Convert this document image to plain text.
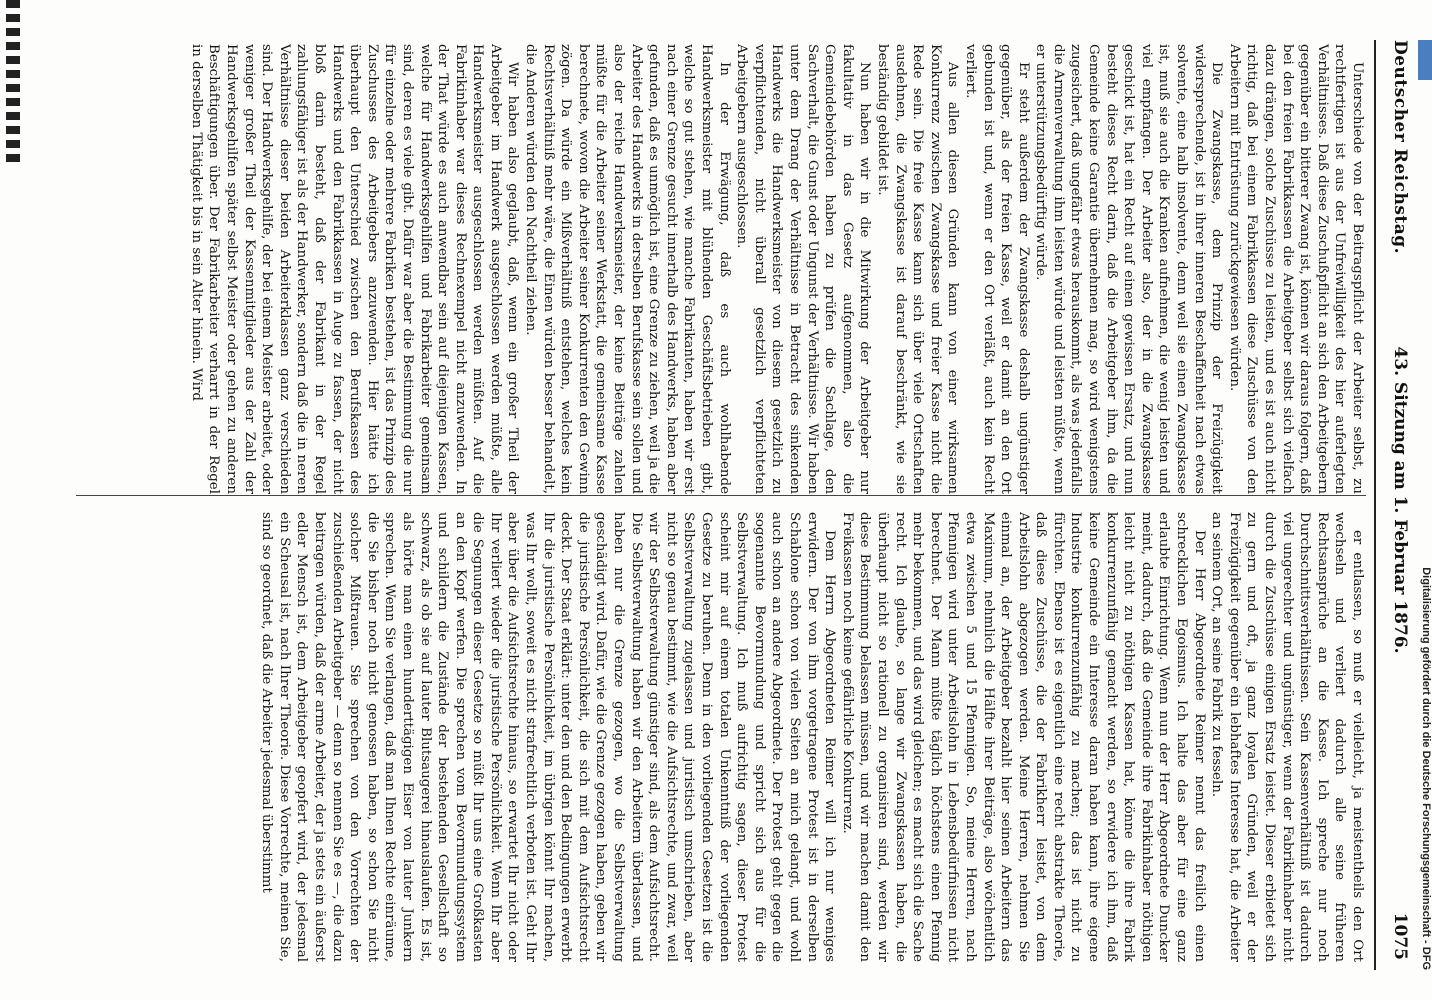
Deutscher Reichstag.
43. Sitzung am 1. Februar 1876.
1075

Unterschiede von der Beitragspflicht der Arbeiter selbst, zu rechtfertigen ist aus der Unfreiwilligkeit des hier auferlegten Verhältnisses. Daß diese Zuschußpflicht an sich den Arbeitgebern gegenüber ein bitterer Zwang ist, können wir daraus folgern, daß bei den freien Fabrikkassen die Arbeitgeber selbst sich vielfach dazu drängen, solche Zuschüsse zu leisten, und es ist auch nicht richtig, daß bei einem Fabrikkassen diese Zuschüsse von den Arbeitern mit Entrüstung zurückgewiesen würden.

Die Zwangskasse, dem Prinzip der Freizügigkeit widersprechende, ist in ihrer inneren Beschaffenheit nach etwas solvente, eine halb insolvente, denn weil sie einen Zwangskasse ist, muß sie auch die Kranken aufnehmen, die wenig leisten und viel empfangen. Der Arbeiter also, der in die Zwangskasse geschickt ist, hat ein Recht auf einen gewissen Ersatz, und nun besteht dieses Recht darin, daß die Arbeitgeber ihm, da die Gemeinde keine Garantie übernehmen mag, so wird wenigstens zugesichert, daß ungefähr etwas herauskommt, als was jedenfalls die Armenverwaltung ihm leisten würde und leisten müßte, wenn er unterstützungsbedürftig würde.

Er steht außerdem der Zwangskasse deshalb ungünstiger gegenüber, als der freien Kasse, weil er damit an den Ort gebunden ist und, wenn er den Ort verläßt, auch kein Recht verliert.

Aus allen diesen Gründen kann von einer wirksamen Konkurrenz zwischen Zwangskasse und freier Kasse nicht die Rede sein. Die freie Kasse kann sich über viele Ortschaften ausdehnen, die Zwangskasse ist darauf beschränkt, wie sie beständig gebildet ist.

Nun haben wir in die Mitwirkung der Arbeitgeber nur fakultativ in das Gesetz aufgenommen, also die Gemeindebehörden haben zu prüfen die Sachlage, den Sachverhalt, die Gunst oder Ungunst der Verhältnisse. Wir haben unter dem Drang der Verhältnisse in Betracht des sinkenden Handwerks die Handwerksmeister von diesem gesetzlich zu verpflichtenden, nicht überall gesetzlich verpflichteten Arbeitgebern ausgeschlossen.

In der Erwägung, daß es auch wohlhabende Handwerksmeister mit blühenden Geschäftsbetrieben gibt, welche so gut stehen, wie manche Fabrikanten, haben wir erst nach einer Grenze gesucht innerhalb des Handwerks, haben aber gefunden, daß es unmöglich ist, eine Grenze zu ziehen, weil ja die Arbeiter des Handwerks in derselben Berufskasse sein sollen und also der reiche Handwerksmeister, der keine Beiträge zahlen müßte für die Arbeiter seiner Werkstatt, die gemeinsame Kasse berechnete, wovon die Arbeiter seiner Konkurrenten den Gewinn zögen. Da würde ein Mißverhältniß entstehen, welches kein Rechtsverhältniß mehr wäre, die Einen würden besser behandelt, die Anderen würden den Nachtheil ziehen.

Wir haben also geglaubt, daß, wenn ein großer Theil der Arbeitgeber im Handwerk ausgeschlossen werden müßte, alle Handwerksmeister ausgeschlossen werden müßten. Auf die Fabrikinhaber war dieses Rechnexempel nicht anzuwenden. In der That würde es auch anwendbar sein auf diejenigen Kassen, welche für Handwerksgehilfen und Fabrikarbeiter gemeinsam sind, deren es viele gibt. Dafür war aber die Bestimmung die nur für einzelne oder mehrere Fabriken bestehen, ist das Prinzip des Zuschusses des Arbeitgebers anzuwenden. Hier hätte ich überhaupt den Unterschied zwischen den Berufskassen des Handwerks und den Fabrikkassen in Auge zu fassen, der nicht bloß darin besteht, daß der Fabrikant in der Regel zahlungsfähiger ist als der Handwerker, sondern daß die in neren Verhältnisse dieser beiden Arbeiterklassen ganz verschieden sind. Der Handwerksgehilfe, der bei einem Meister arbeitet, oder weniger großer Theil der Kassenmitglieder aus der Zahl der Handwerksgehilfen später selbst Meister oder gehen zu anderen Beschäftigungen über. Der Fabrikarbeiter verharrt in der Regel in derselben Thätigkeit bis in sein Alter hinein. Wird

er entlassen, so muß er vielleicht, ja meistentheils den Ort wechseln und verliert dadurch alle seine früheren Rechtsansprüche an die Kasse. Ich spreche nur noch Durchschnittsverhältnissen. Sein Kassenverhältniß ist dadurch viel ungerechter und ungünstiger, wenn der Fabrikinhaber nicht durch die Zuschüsse einigen Ersatz leistet. Dieser erbietet sich zu gern und oft, ja ganz loyalen Gründen, weil er der Freizügigkeit gegenüber ein lebhaftes Interesse hat, die Arbeiter an seinem Ort, an seine Fabrik zu fesseln.

Der Herr Abgeordnete Reimer nennt das freilich einen schrecklichen Egoismus. Ich halte das aber für eine ganz erlaubte Einrichtung. Wenn nun der Herr Abgeordnete Duncker meint, dadurch, daß die Gemeinde ihre Fabrikinhaber nöthigen leicht nicht zu nöthigen Kassen hat, könne die ihre Fabrik konkurrenzunfähig gemacht werden, so erwidere ich ihm, daß keine Gemeinde ein Interesse daran haben kann, ihre eigene Industrie konkurrenzunfähig zu machen; das ist nicht zu fürchten. Ebenso ist es eigentlich eine recht abstrakte Theorie, daß diese Zuschüsse, die der Fabrikherr leistet, von dem Arbeitslohn abgezogen werden. Meine Herren, nehmen Sie einmal an, der Arbeitgeber bezahlt hier seinen Arbeitern das Maximum, nehmlich die Hälfte ihrer Beiträge, also wöchentlich etwa zwischen 5 und 15 Pfennigen. So, meine Herren, nach Pfennigen wird unter Arbeitslohn in Lebensbedürfnissen nicht berechnet. Der Mann müßte täglich höchstens einen Pfennig mehr bekommen, und das wird gleichen; es macht sich die Sache recht. Ich glaube, so lange wir Zwangskassen haben, die überhaupt nicht so rationell zu organisiren sind, werden wir diese Bestimmung belassen müssen, und wir machen damit den Freikassen noch keine gefährliche Konkurrenz.

Dem Herrn Abgeordneten Reimer will ich nur weniges erwidern. Der von ihm vorgetragene Protest ist in derselben Schablone schon von vielen Seiten an mich gelangt, und wohl auch schon an andere Abgeordnete. Der Protest geht gegen die sogenannte Bevormundung und spricht sich aus für die Selbstverwaltung. Ich muß aufrichtig sagen, dieser Protest scheint mir auf einem totalen Unkenntniß der vorliegenden Gesetze zu beruhen. Denn in den vorliegenden Gesetzen ist die Selbstverwaltung zugelassen und juristisch umschrieben, aber nicht so genau bestimmt, wie die Aufsichtsrechte, und zwar, weil wir der Selbstverwaltung günstiger sind, als dem Aufsichtsrecht. Die Selbstverwaltung haben wir den Arbeitern überlassen, und haben nur die Grenze gezogen, wo die Selbstverwaltung geschädigt wird. Dafür, wie die Grenze gezogen haben, geben wir die juristische Persönlichkeit, die sich mit dem Aufsichtsrecht deckt. Der Staat erklärt: unter den und den Bedingungen erwerbt Ihr die juristische Persönlichkeit, im übrigen könnt Ihr machen, was Ihr wollt, soweit es nicht strafrechtlich verboten ist. Geht Ihr aber über die Aufsichtsrechte hinaus, so erwartet Ihr nicht oder Ihr verliert wieder die juristische Persönlichkeit. Wenn Ihr aber die Segnungen dieser Gesetze so müßt Ihr uns eine Großkasten an den Kopf werfen. Die sprechen vom Bevormundungssystem und schildern die Zustände der bestehenden Gesellschaft so schwarz, als ob sie auf lauter Blutsaugerei hinauslaufen. Es ist, als hörte man einen hunderttägigen Eiser von lauter Junkern sprechen. Wenn Sie verlangen, daß man Ihnen Rechte einräume, die Sie bisher noch nicht genossen haben, so schon Sie nicht solcher Mißtrauen. Sie sprechen von den Vorrechten der zuschießenden Arbeitgeber — denn so nennen Sie es —, die dazu beitragen würden, daß der arme Arbeiter, der ja stets ein äußerst edler Mensch ist, dem Arbeitgeber geopfert wird, der jedesmal ein Scheusal ist, nach Ihrer Theorie. Diese Vorrechte, meinen Sie, sind so geordnet, daß die Arbeiter jedesmal überstimmt	Digitalisierung gefördert durch die Deutsche Forschungsgemeinschaft - DFG
